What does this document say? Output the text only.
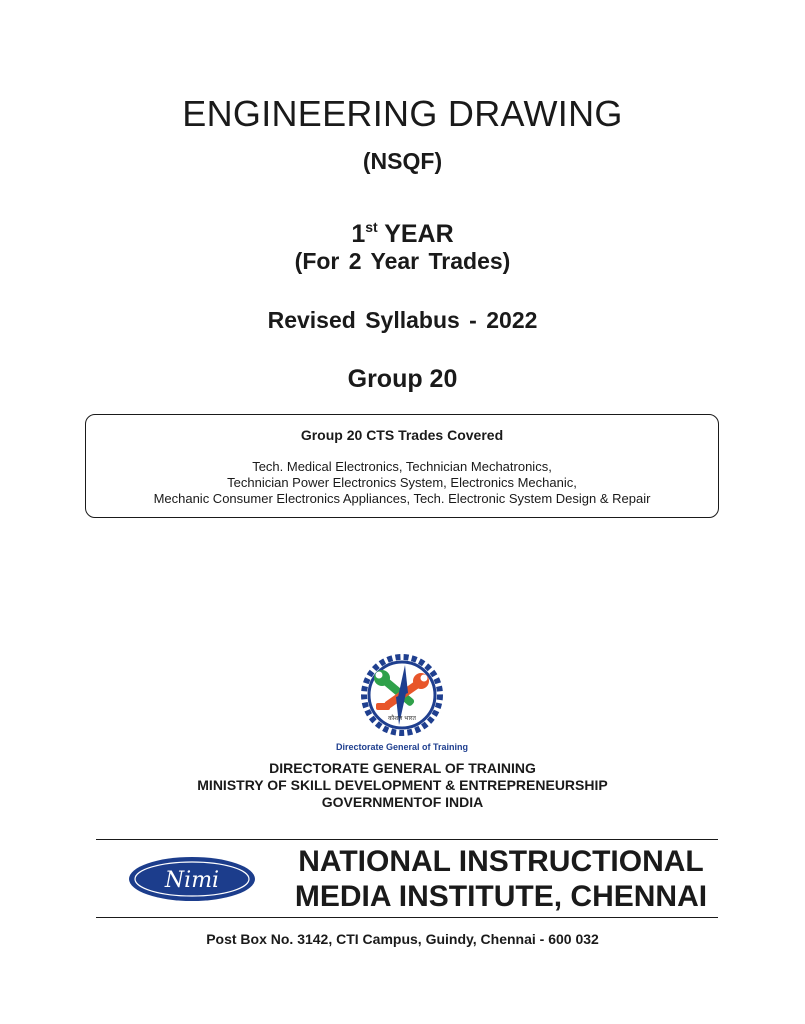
ENGINEERING DRAWING
(NSQF)
1st YEAR
(For 2 Year Trades)
Revised Syllabus - 2022
Group 20
Group 20 CTS Trades Covered
Tech. Medical Electronics, Technician Mechatronics,
Technician Power Electronics System, Electronics Mechanic,
Mechanic Consumer Electronics Appliances, Tech. Electronic System Design & Repair
कौशल भारत
Directorate General of Training
DIRECTORATE GENERAL OF TRAINING
MINISTRY OF SKILL DEVELOPMENT & ENTREPRENEURSHIP
GOVERNMENTOF INDIA
Nimi
NATIONAL INSTRUCTIONAL
MEDIA INSTITUTE, CHENNAI
Post Box No. 3142, CTI Campus, Guindy, Chennai - 600 032
